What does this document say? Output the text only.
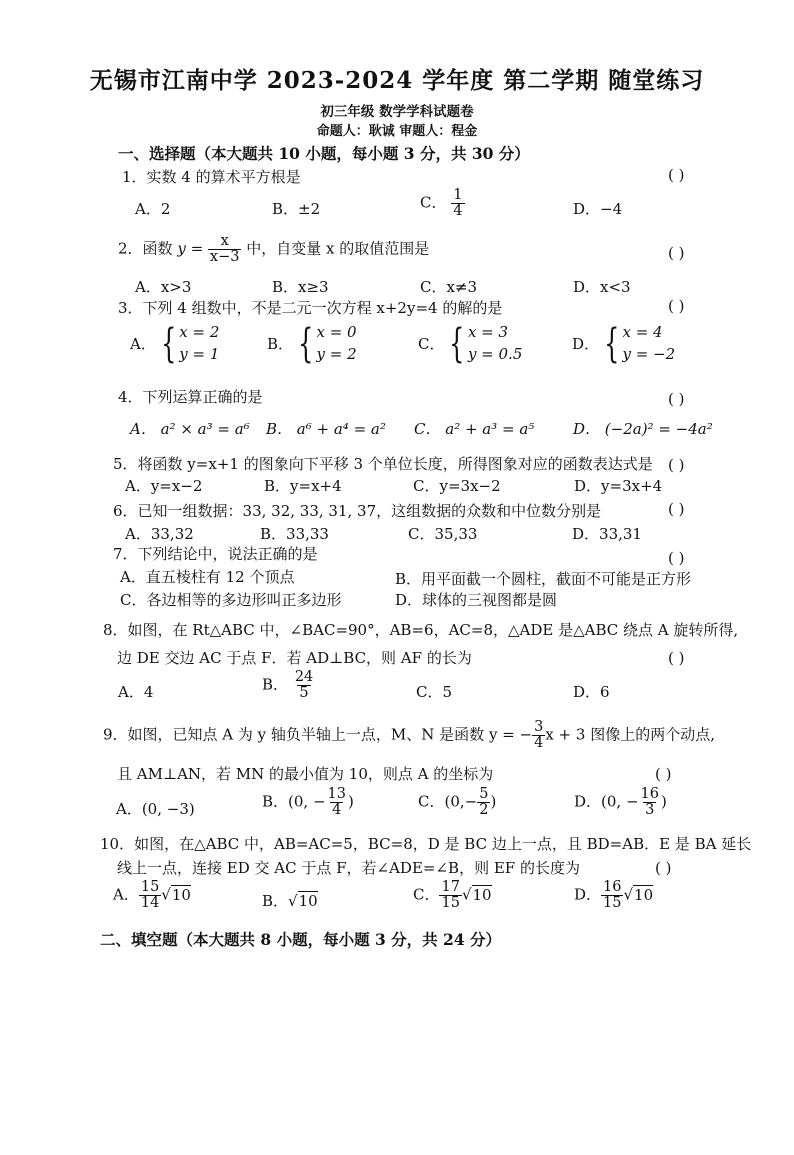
无锡市江南中学 2023-2024 学年度 第二学期 随堂练习
初三年级 数学学科试题卷
命题人：耿诚 审题人：程金
一、选择题（本大题共 10 小题，每小题 3 分，共 30 分）
1．实数 4 的算术平方根是	( )
A．2	B．±2	C． $\frac{1}{4}$	D．−4
2．函数 $y = \frac{x}{x-3}$ 中，自变量 x 的取值范围是	( )
A．x>3	B．x≥3	C．x≠3	D．x<3
3．下列 4 组数中，不是二元一次方程 x+2y=4 的解的是	( )
A． { x = 2
y = 1
B． { x = 0
y = 2
C． { x = 3
y = 0.5
D． { x = 4
y = −2
4．下列运算正确的是	( )
A． a² × a³ = a⁶ B． a⁶ + a⁴ = a² C． a² + a³ = a⁵	D． (−2a)² = −4a²
5．将函数 y=x+1 的图象向下平移 3 个单位长度，所得图象对应的函数表达式是 ( )
A．y=x−2	B．y=x+4	C．y=3x−2	D．y=3x+4
6．已知一组数据：33, 32, 33, 31, 37，这组数据的众数和中位数分别是	( )
A．33,32	B．33,33	C．35,33	D．33,31
7．下列结论中，说法正确的是	( )
A．直五棱柱有 12 个顶点	B．用平面截一个圆柱，截面不可能是正方形
C．各边相等的多边形叫正多边形	D．球体的三视图都是圆
8．如图，在 Rt△ABC 中，∠BAC=90°，AB=6，AC=8，△ADE 是△ABC 绕点 A 旋转所得,
边 DE 交边 AC 于点 F．若 AD⊥BC，则 AF 的长为	( )
A．4	B． $\frac{24}{5}$	C．5	D．6
9．如图，已知点 A 为 y 轴负半轴上一点，M、N 是函数 y = − $\frac{3}{4}$ x + 3 图像上的两个动点,
且 AM⊥AN，若 MN 的最小值为 10，则点 A 的坐标为	( )
A．(0, −3)	B．(0, − $\frac{13}{4}$ )	C．($0,- \frac{5}{2}$ )	D．(0, − $\frac{16}{3}$ )
10．如图，在△ABC 中，AB=AC=5，BC=8，D 是 BC 边上一点，且 BD=AB．E 是 BA 延长
线上一点，连接 ED 交 AC 于点 F，若∠ADE=∠B，则 EF 的长度为	( )
A． $\frac{15}{14} √10$	B．√10	C． $\frac{17}{15} √10$	D． $\frac{16}{15} √10$
二、填空题（本大题共 8 小题，每小题 3 分，共 24 分）
